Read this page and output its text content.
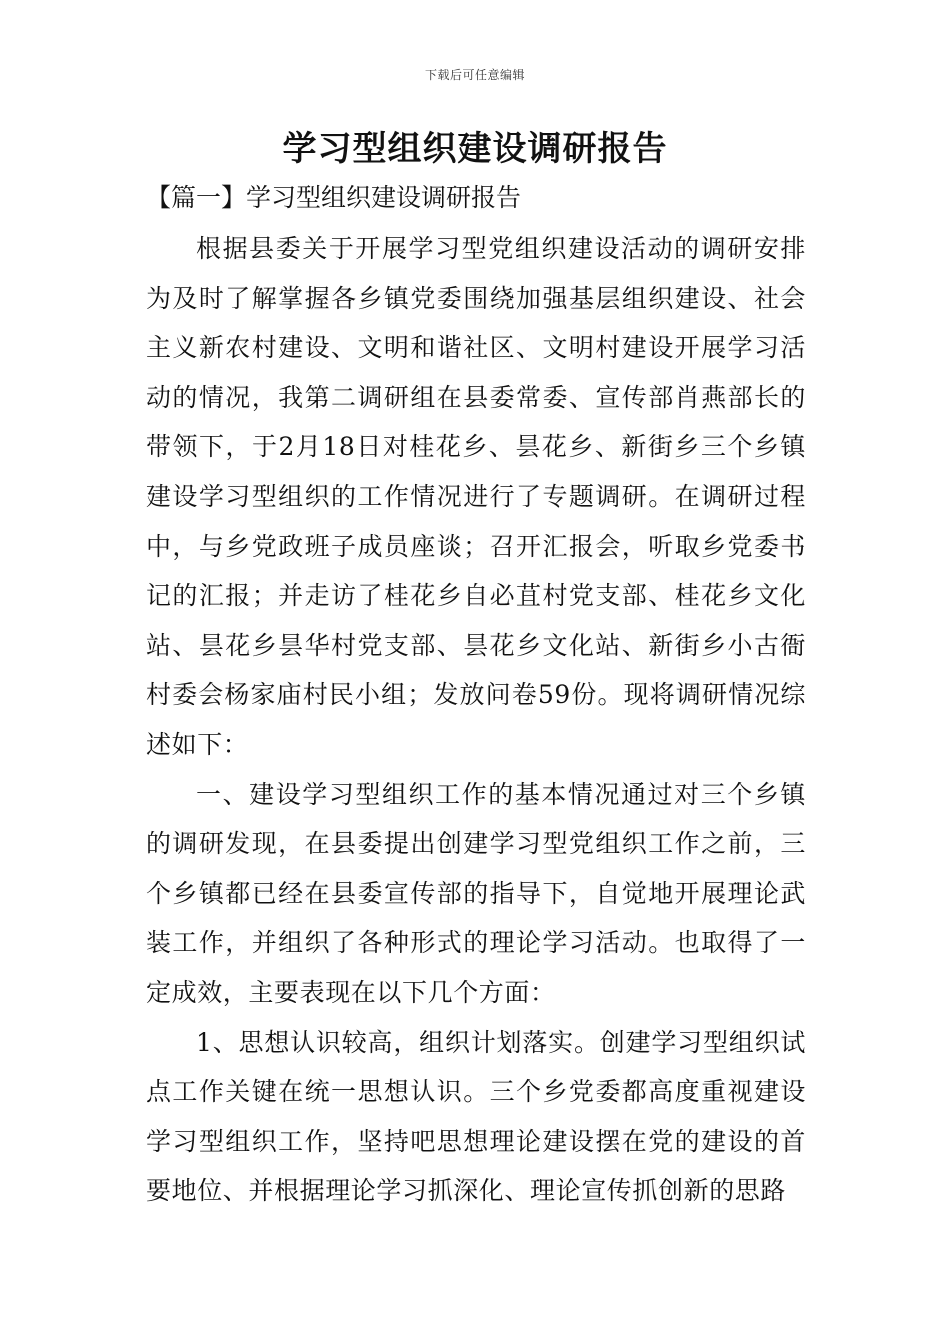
下载后可任意编辑
学习型组织建设调研报告
【篇一】学习型组织建设调研报告

根据县委关于开展学习型党组织建设活动的调研安排为及时了解掌握各乡镇党委围绕加强基层组织建设、社会主义新农村建设、文明和谐社区、文明村建设开展学习活动的情况，我第二调研组在县委常委、宣传部肖燕部长的带领下，于2月18日对桂花乡、昙花乡、新街乡三个乡镇建设学习型组织的工作情况进行了专题调研。在调研过程中，与乡党政班子成员座谈；召开汇报会，听取乡党委书记的汇报；并走访了桂花乡自必苴村党支部、桂花乡文化站、昙花乡昙华村党支部、昙花乡文化站、新街乡小古衙村委会杨家庙村民小组；发放问卷59份。现将调研情况综述如下：

一、建设学习型组织工作的基本情况通过对三个乡镇的调研发现，在县委提出创建学习型党组织工作之前，三个乡镇都已经在县委宣传部的指导下，自觉地开展理论武装工作，并组织了各种形式的理论学习活动。也取得了一定成效，主要表现在以下几个方面：

1、思想认识较高，组织计划落实。创建学习型组织试点工作关键在统一思想认识。三个乡党委都高度重视建设学习型组织工作，坚持吧思想理论建设摆在党的建设的首要地位、并根据理论学习抓深化、理论宣传抓创新的思路
